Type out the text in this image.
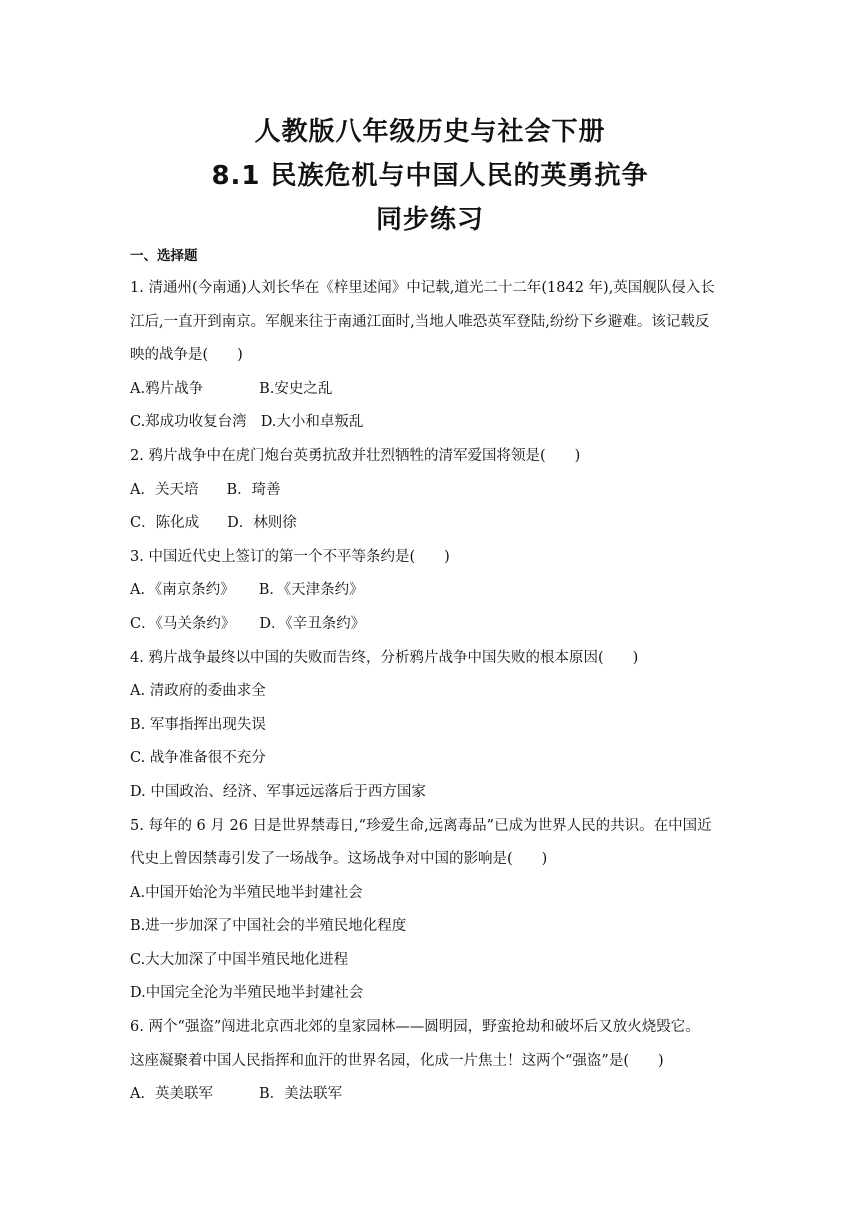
人教版八年级历史与社会下册
8.1 民族危机与中国人民的英勇抗争
同步练习
一、选择题
1. 清通州(今南通)人刘长华在《梓里述闻》中记载,道光二十二年(1842 年),英国舰队侵入长
江后,一直开到南京。军舰来往于南通江面时,当地人唯恐英军登陆,纷纷下乡避难。该记载反
映的战争是(　　)
A.鸦片战争	B.安史之乱
C.郑成功收复台湾 D.大小和卓叛乱
2. 鸦片战争中在虎门炮台英勇抗敌并壮烈牺牲的清军爱国将领是(　　)
A．关天培 B．琦善
C．陈化成 D．林则徐
3. 中国近代史上签订的第一个不平等条约是(　　)
A．《南京条约》 B．《天津条约》
C．《马关条约》 D．《辛丑条约》
4. 鸦片战争最终以中国的失败而告终，分析鸦片战争中国失败的根本原因(　　)
A. 清政府的委曲求全
B. 军事指挥出现失误
C. 战争准备很不充分
D. 中国政治、经济、军事远远落后于西方国家
5. 每年的 6 月 26 日是世界禁毒日,“珍爱生命,远离毒品”已成为世界人民的共识。在中国近
代史上曾因禁毒引发了一场战争。这场战争对中国的影响是(　　)
A.中国开始沦为半殖民地半封建社会
B.进一步加深了中国社会的半殖民地化程度
C.大大加深了中国半殖民地化进程
D.中国完全沦为半殖民地半封建社会
6. 两个“强盗”闯进北京西北郊的皇家园林——圆明园，野蛮抢劫和破坏后又放火烧毁它。
这座凝聚着中国人民指挥和血汗的世界名园，化成一片焦土！这两个“强盗”是(　　)
A．英美联军	B．美法联军
